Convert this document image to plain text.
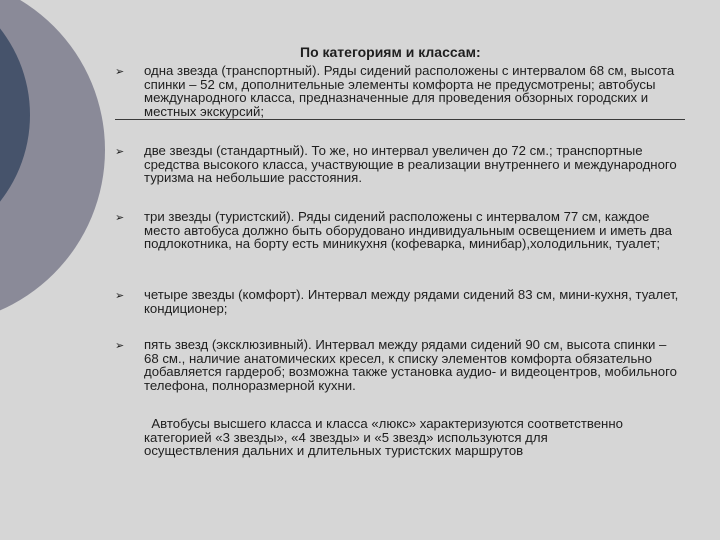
По категориям и классам:
➢ одна звезда (транспортный). Ряды сидений расположены с интервалом 68 см, высота спинки – 52 см, дополнительные элементы комфорта не предусмотрены; автобусы международного класса, предназначенные для проведения обзорных городских и местных экскурсий;
➢ две звезды (стандартный). То же, но интервал увеличен до 72 см.; транспортные средства высокого класса, участвующие в реализации внутреннего и международного туризма на небольшие расстояния.
➢ три звезды (туристский). Ряды сидений расположены с интервалом 77 см, каждое место автобуса должно быть оборудовано индивидуальным освещением и иметь два подлокотника, на борту есть миникухня (кофеварка, минибар),холодильник, туалет;
➢ четыре звезды (комфорт). Интервал между рядами сидений 83 см, мини-кухня, туалет, кондиционер;
➢ пять звезд (эксклюзивный). Интервал между рядами сидений 90 см, высота спинки – 68 см., наличие анатомических кресел, к списку элементов комфорта обязательно добавляется гардероб; возможна также установка аудио- и видеоцентров, мобильного телефона, полноразмерной кухни.
Автобусы высшего класса и класса «люкс» характеризуются соответственно категорией «3 звезды», «4 звезды» и «5 звезд» используются для осуществления дальних и длительных туристских маршрутов
